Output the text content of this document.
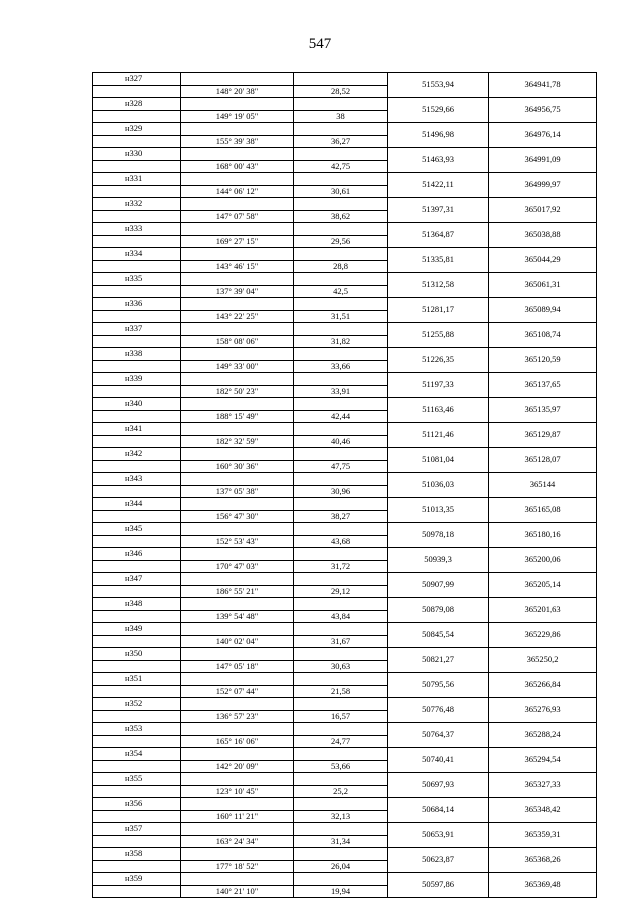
547
н327			51553,94	364941,78
	148° 20' 38"	28,52		
н328			51529,66	364956,75
	149° 19' 05"	38		
н329			51496,98	364976,14
	155° 39' 38"	36,27		
н330			51463,93	364991,09
	168° 00' 43"	42,75		
н331			51422,11	364999,97
	144° 06' 12"	30,61		
н332			51397,31	365017,92
	147° 07' 58"	38,62		
н333			51364,87	365038,88
	169° 27' 15"	29,56		
н334			51335,81	365044,29
	143° 46' 15"	28,8		
н335			51312,58	365061,31
	137° 39' 04"	42,5		
н336			51281,17	365089,94
	143° 22' 25"	31,51		
н337			51255,88	365108,74
	158° 08' 06"	31,82		
н338			51226,35	365120,59
	149° 33' 00"	33,66		
н339			51197,33	365137,65
	182° 50' 23"	33,91		
н340			51163,46	365135,97
	188° 15' 49"	42,44		
н341			51121,46	365129,87
	182° 32' 59"	40,46		
н342			51081,04	365128,07
	160° 30' 36"	47,75		
н343			51036,03	365144
	137° 05' 38"	30,96		
н344			51013,35	365165,08
	156° 47' 30"	38,27		
н345			50978,18	365180,16
	152° 53' 43"	43,68		
н346			50939,3	365200,06
	170° 47' 03"	31,72		
н347			50907,99	365205,14
	186° 55' 21"	29,12		
н348			50879,08	365201,63
	139° 54' 48"	43,84		
н349			50845,54	365229,86
	140° 02' 04"	31,67		
н350			50821,27	365250,2
	147° 05' 18"	30,63		
н351			50795,56	365266,84
	152° 07' 44"	21,58		
н352			50776,48	365276,93
	136° 57' 23"	16,57		
н353			50764,37	365288,24
	165° 16' 06"	24,77		
н354			50740,41	365294,54
	142° 20' 09"	53,66		
н355			50697,93	365327,33
	123° 10' 45"	25,2		
н356			50684,14	365348,42
	160° 11' 21"	32,13		
н357			50653,91	365359,31
	163° 24' 34"	31,34		
н358			50623,87	365368,26
	177° 18' 52"	26,04		
н359			50597,86	365369,48
	140° 21' 10"	19,94		
